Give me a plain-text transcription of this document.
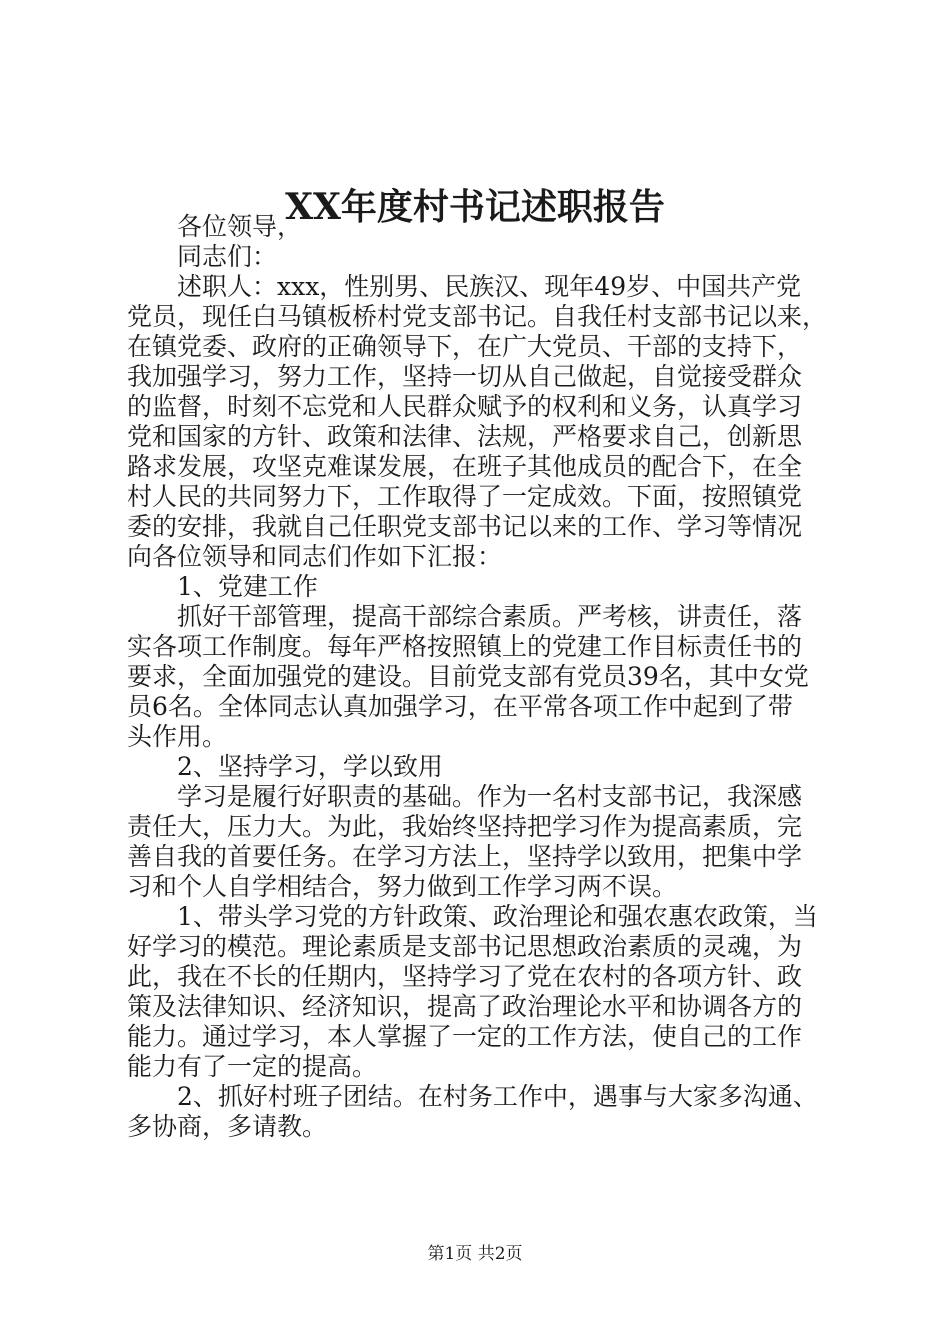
XX年度村书记述职报告
各位领导，
同志们：
述职人：xxx，性别男、民族汉、现年49岁、中国共产党
党员，现任白马镇板桥村党支部书记。自我任村支部书记以来，
在镇党委、政府的正确领导下，在广大党员、干部的支持下，
我加强学习，努力工作，坚持一切从自己做起，自觉接受群众
的监督，时刻不忘党和人民群众赋予的权利和义务，认真学习
党和国家的方针、政策和法律、法规，严格要求自己，创新思
路求发展，攻坚克难谋发展，在班子其他成员的配合下，在全
村人民的共同努力下，工作取得了一定成效。下面，按照镇党
委的安排，我就自己任职党支部书记以来的工作、学习等情况
向各位领导和同志们作如下汇报：
1、党建工作
抓好干部管理，提高干部综合素质。严考核，讲责任，落
实各项工作制度。每年严格按照镇上的党建工作目标责任书的
要求，全面加强党的建设。目前党支部有党员39名，其中女党
员6名。全体同志认真加强学习，在平常各项工作中起到了带
头作用。
2、坚持学习，学以致用
学习是履行好职责的基础。作为一名村支部书记，我深感
责任大，压力大。为此，我始终坚持把学习作为提高素质，完
善自我的首要任务。在学习方法上，坚持学以致用，把集中学
习和个人自学相结合，努力做到工作学习两不误。
1、带头学习党的方针政策、政治理论和强农惠农政策，当
好学习的模范。理论素质是支部书记思想政治素质的灵魂，为
此，我在不长的任期内，坚持学习了党在农村的各项方针、政
策及法律知识、经济知识，提高了政治理论水平和协调各方的
能力。通过学习，本人掌握了一定的工作方法，使自己的工作
能力有了一定的提高。
2、抓好村班子团结。在村务工作中，遇事与大家多沟通、
多协商，多请教。
第1页 共2页
